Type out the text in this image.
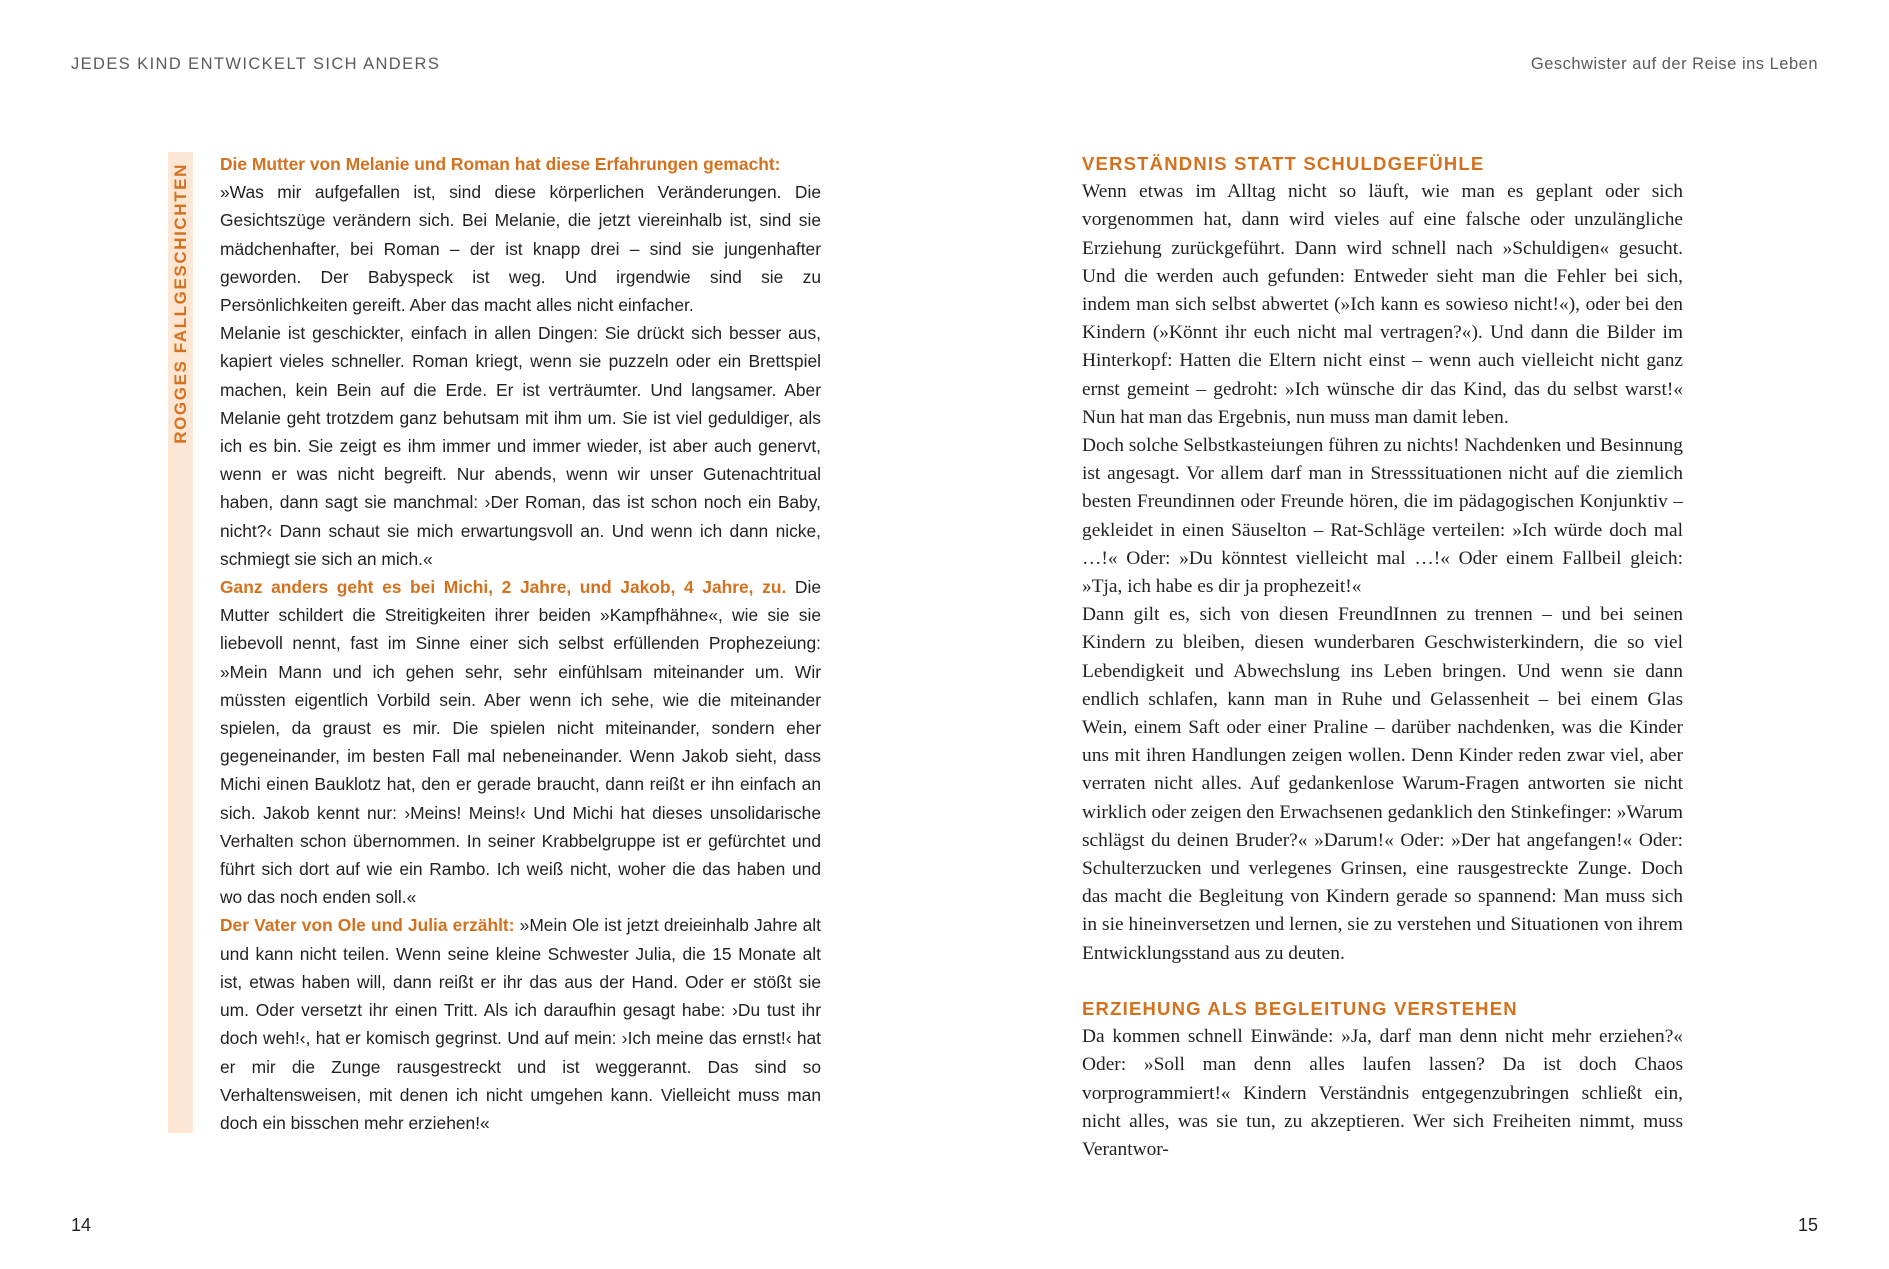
JEDES KIND ENTWICKELT SICH ANDERS	Geschwister auf der Reise ins Leben
ROGGES FALLGESCHICHTEN Die Mutter von Melanie und Roman hat diese Erfahrungen gemacht:
»Was mir aufgefallen ist, sind diese körperlichen Veränderungen. Die Gesichtszüge verändern sich. Bei Melanie, die jetzt viereinhalb ist, sind sie mädchenhafter, bei Roman – der ist knapp drei – sind sie jungenhafter geworden. Der Babyspeck ist weg. Und irgendwie sind sie zu Persönlichkeiten gereift. Aber das macht alles nicht einfacher.

Melanie ist geschickter, einfach in allen Dingen: Sie drückt sich besser aus, kapiert vieles schneller. Roman kriegt, wenn sie puzzeln oder ein Brettspiel machen, kein Bein auf die Erde. Er ist verträumter. Und langsamer. Aber Melanie geht trotzdem ganz behutsam mit ihm um. Sie ist viel geduldiger, als ich es bin. Sie zeigt es ihm immer und immer wieder, ist aber auch genervt, wenn er was nicht begreift. Nur abends, wenn wir unser Gutenachtritual haben, dann sagt sie manchmal: ›Der Roman, das ist schon noch ein Baby, nicht?‹ Dann schaut sie mich erwartungsvoll an. Und wenn ich dann nicke, schmiegt sie sich an mich.«

Ganz anders geht es bei Michi, 2 Jahre, und Jakob, 4 Jahre, zu. Die Mutter schildert die Streitigkeiten ihrer beiden »Kampfhähne«, wie sie sie liebevoll nennt, fast im Sinne einer sich selbst erfüllenden Prophezeiung: »Mein Mann und ich gehen sehr, sehr einfühlsam miteinander um. Wir müssten eigentlich Vorbild sein. Aber wenn ich sehe, wie die miteinander spielen, da graust es mir. Die spielen nicht miteinander, sondern eher gegeneinander, im besten Fall mal nebeneinander. Wenn Jakob sieht, dass Michi einen Bauklotz hat, den er gerade braucht, dann reißt er ihn einfach an sich. Jakob kennt nur: ›Meins! Meins!‹ Und Michi hat dieses unsolidarische Verhalten schon übernommen. In seiner Krabbelgruppe ist er gefürchtet und führt sich dort auf wie ein Rambo. Ich weiß nicht, woher die das haben und wo das noch enden soll.«

Der Vater von Ole und Julia erzählt: »Mein Ole ist jetzt dreieinhalb Jahre alt und kann nicht teilen. Wenn seine kleine Schwester Julia, die 15 Monate alt ist, etwas haben will, dann reißt er ihr das aus der Hand. Oder er stößt sie um. Oder versetzt ihr einen Tritt. Als ich daraufhin gesagt habe: ›Du tust ihr doch weh!‹, hat er komisch gegrinst. Und auf mein: ›Ich meine das ernst!‹ hat er mir die Zunge rausgestreckt und ist weggerannt. Das sind so Verhaltensweisen, mit denen ich nicht umgehen kann. Vielleicht muss man doch ein bisschen mehr erziehen!«

VERSTÄNDNIS STATT SCHULDGEFÜHLE

Wenn etwas im Alltag nicht so läuft, wie man es geplant oder sich vorgenommen hat, dann wird vieles auf eine falsche oder unzulängliche Erziehung zurückgeführt. Dann wird schnell nach »Schuldigen« gesucht. Und die werden auch gefunden: Entweder sieht man die Fehler bei sich, indem man sich selbst abwertet (»Ich kann es sowieso nicht!«), oder bei den Kindern (»Könnt ihr euch nicht mal vertragen?«). Und dann die Bilder im Hinterkopf: Hatten die Eltern nicht einst – wenn auch vielleicht nicht ganz ernst gemeint – gedroht: »Ich wünsche dir das Kind, das du selbst warst!« Nun hat man das Ergebnis, nun muss man damit leben.

Doch solche Selbstkasteiungen führen zu nichts! Nachdenken und Besinnung ist angesagt. Vor allem darf man in Stresssituationen nicht auf die ziemlich besten Freundinnen oder Freunde hören, die im pädagogischen Konjunktiv – gekleidet in einen Säuselton – Rat-Schläge verteilen: »Ich würde doch mal …!« Oder: »Du könntest vielleicht mal …!« Oder einem Fallbeil gleich: »Tja, ich habe es dir ja prophezeit!«

Dann gilt es, sich von diesen FreundInnen zu trennen – und bei seinen Kindern zu bleiben, diesen wunderbaren Geschwisterkindern, die so viel Lebendigkeit und Abwechslung ins Leben bringen. Und wenn sie dann endlich schlafen, kann man in Ruhe und Gelassenheit – bei einem Glas Wein, einem Saft oder einer Praline – darüber nachdenken, was die Kinder uns mit ihren Handlungen zeigen wollen. Denn Kinder reden zwar viel, aber verraten nicht alles. Auf gedankenlose Warum-Fragen antworten sie nicht wirklich oder zeigen den Erwachsenen gedanklich den Stinkefinger: »Warum schlägst du deinen Bruder?« »Darum!« Oder: »Der hat angefangen!« Oder: Schulterzucken und verlegenes Grinsen, eine rausgestreckte Zunge. Doch das macht die Begleitung von Kindern gerade so spannend: Man muss sich in sie hineinversetzen und lernen, sie zu verstehen und Situationen von ihrem Entwicklungsstand aus zu deuten.

ERZIEHUNG ALS BEGLEITUNG VERSTEHEN

Da kommen schnell Einwände: »Ja, darf man denn nicht mehr erziehen?« Oder: »Soll man denn alles laufen lassen? Da ist doch Chaos vorprogrammiert!« Kindern Verständnis entgegenzubringen schließt ein, nicht alles, was sie tun, zu akzeptieren. Wer sich Freiheiten nimmt, muss Verantwor-

14	15
